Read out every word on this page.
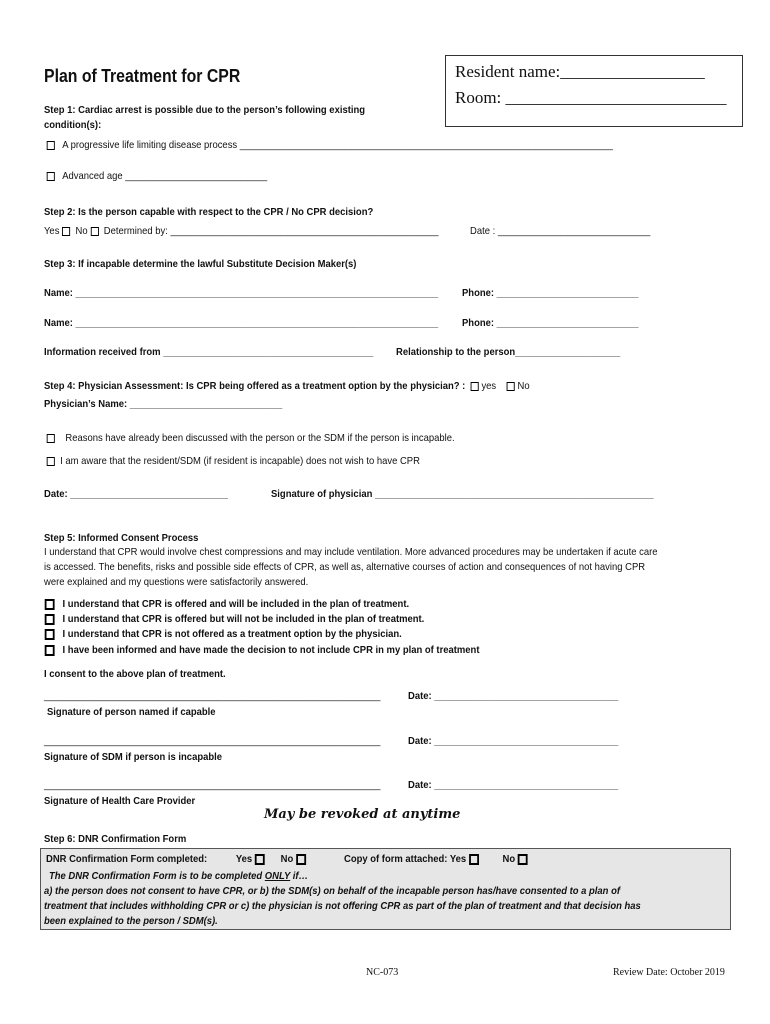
Plan of Treatment for CPR	Resident name:_________________
Room: __________________________
Step 1: Cardiac arrest is possible due to the person’s following existing
condition(s):
A progressive life limiting disease process _______________________________________________________________________
Advanced age ___________________________
Step 2: Is the person capable with respect to the CPR / No CPR decision?
Yes No Determined by: ___________________________________________________	Date : _____________________________
Step 3: If incapable determine the lawful Substitute Decision Maker(s)
Name: _____________________________________________________________________ Phone: ___________________________
Name: _____________________________________________________________________ Phone: ___________________________
Information received from ________________________________________ Relationship to the person____________________
Step 4: Physician Assessment: Is CPR being offered as a treatment option by the physician? : yes No
Physician’s Name: _____________________________
Reasons have already been discussed with the person or the SDM if the person is incapable.
I am aware that the resident/SDM (if resident is incapable) does not wish to have CPR
Date: ______________________________	Signature of physician _____________________________________________________
Step 5: Informed Consent Process
I understand that CPR would involve chest compressions and may include ventilation. More advanced procedures may be undertaken if acute care
is accessed. The benefits, risks and possible side effects of CPR, as well as, alternative courses of action and consequences of not having CPR
were explained and my questions were satisfactorily answered.
I understand that CPR is offered and will be included in the plan of treatment.
I understand that CPR is offered but will not be included in the plan of treatment.
I understand that CPR is not offered as a treatment option by the physician.
I have been informed and have made the decision to not include CPR in my plan of treatment
I consent to the above plan of treatment.
________________________________________________________________	Date: ___________________________________
Signature of person named if capable
________________________________________________________________	Date: ___________________________________
Signature of SDM if person is incapable
________________________________________________________________	Date: ___________________________________
Signature of Health Care Provider
May be revoked at anytime
Step 6: DNR Confirmation Form
DNR Confirmation Form completed:	Yes	No	Copy of form attached: Yes	No
The DNR Confirmation Form is to be completed ONLY if…
a) the person does not consent to have CPR, or b) the SDM(s) on behalf of the incapable person has/have consented to a plan of
treatment that includes withholding CPR or c) the physician is not offering CPR as part of the plan of treatment and that decision has
been explained to the person / SDM(s).
NC-073	Review Date: October 2019
